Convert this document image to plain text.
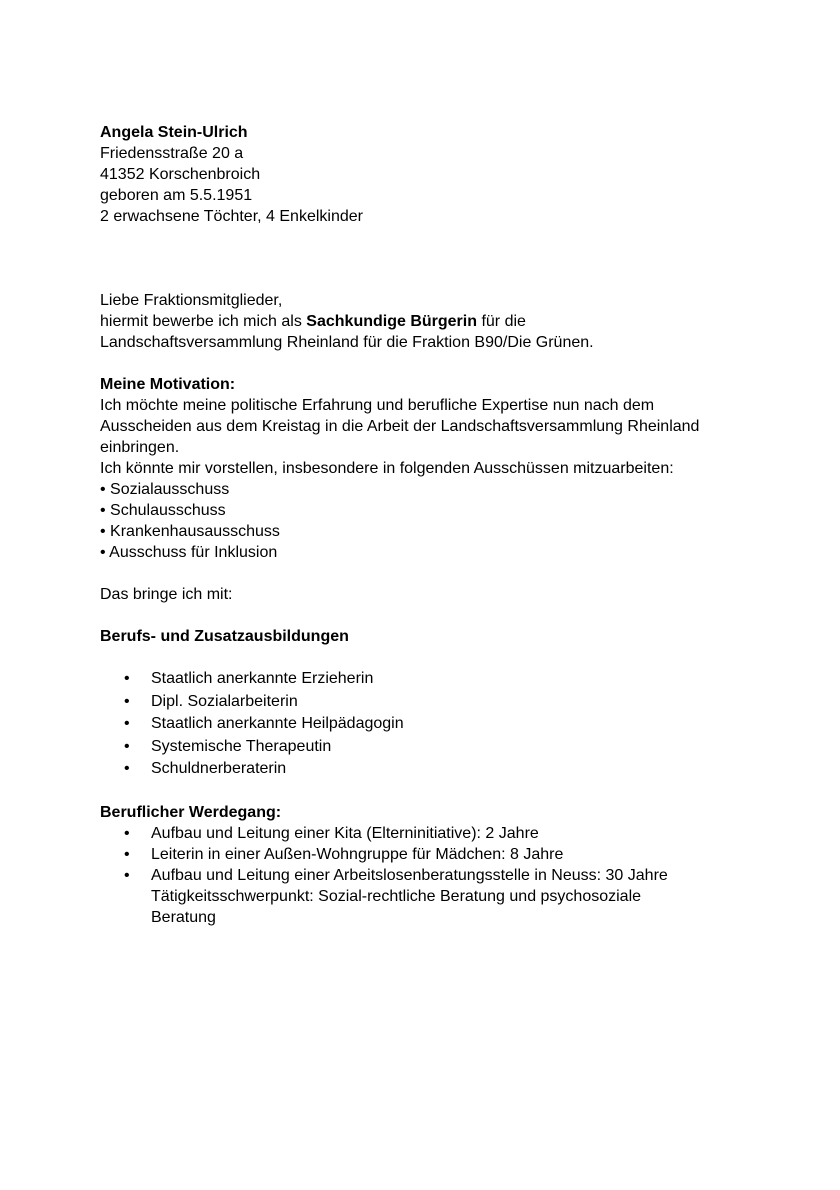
Angela Stein-Ulrich
Friedensstraße 20 a
41352 Korschenbroich
geboren am 5.5.1951
2 erwachsene Töchter, 4 Enkelkinder
Liebe Fraktionsmitglieder,
hiermit bewerbe ich mich als Sachkundige Bürgerin für die
Landschaftsversammlung Rheinland für die Fraktion B90/Die Grünen.
Meine Motivation:
Ich möchte meine politische Erfahrung und berufliche Expertise nun nach dem
Ausscheiden aus dem Kreistag in die Arbeit der Landschaftsversammlung Rheinland
einbringen.
Ich könnte mir vorstellen, insbesondere in folgenden Ausschüssen mitzuarbeiten:
• Sozialausschuss
• Schulausschuss
• Krankenhausausschuss
• Ausschuss für Inklusion
Das bringe ich mit:
Berufs- und Zusatzausbildungen
• Staatlich anerkannte Erzieherin
• Dipl. Sozialarbeiterin
• Staatlich anerkannte Heilpädagogin
• Systemische Therapeutin
• Schuldnerberaterin
Beruflicher Werdegang:
• Aufbau und Leitung einer Kita (Elterninitiative): 2 Jahre
• Leiterin in einer Außen-Wohngruppe für Mädchen: 8 Jahre
• Aufbau und Leitung einer Arbeitslosenberatungsstelle in Neuss: 30 Jahre
Tätigkeitsschwerpunkt: Sozial-rechtliche Beratung und psychosoziale
Beratung
